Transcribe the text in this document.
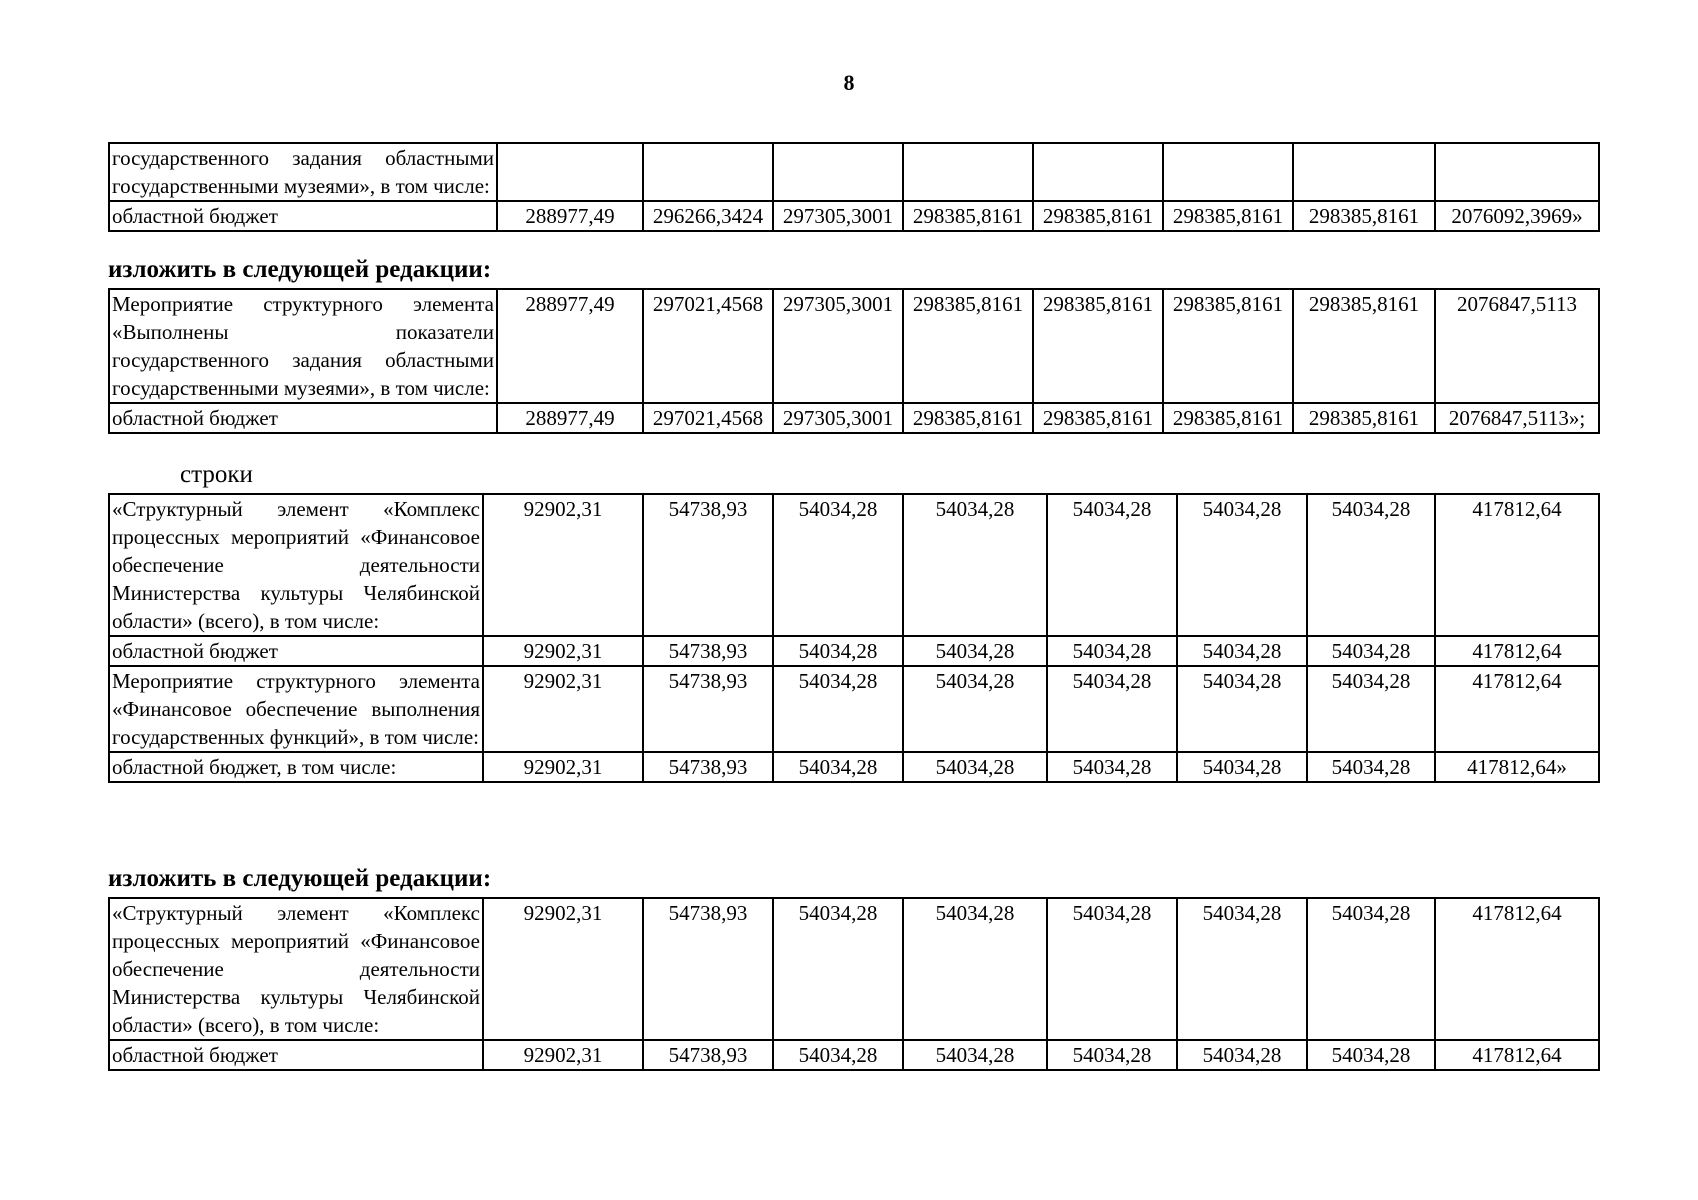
8
государственного задания областными государственными музеями», в том числе:								
областной бюджет	288977,49	296266,3424	297305,3001	298385,8161	298385,8161	298385,8161	298385,8161	2076092,3969»
изложить в следующей редакции:
Мероприятие структурного элемента «Выполнены показатели государственного задания областными государственными музеями», в том числе:	288977,49	297021,4568	297305,3001	298385,8161	298385,8161	298385,8161	298385,8161	2076847,5113
областной бюджет	288977,49	297021,4568	297305,3001	298385,8161	298385,8161	298385,8161	298385,8161	2076847,5113»;
строки
«Структурный элемент «Комплекс процессных мероприятий «Финансовое обеспечение деятельности Министерства культуры Челябинской области» (всего), в том числе:	92902,31	54738,93	54034,28	54034,28	54034,28	54034,28	54034,28	417812,64
областной бюджет	92902,31	54738,93	54034,28	54034,28	54034,28	54034,28	54034,28	417812,64
Мероприятие структурного элемента «Финансовое обеспечение выполнения государственных функций», в том числе:	92902,31	54738,93	54034,28	54034,28	54034,28	54034,28	54034,28	417812,64
областной бюджет, в том числе:	92902,31	54738,93	54034,28	54034,28	54034,28	54034,28	54034,28	417812,64»
изложить в следующей редакции:
«Структурный элемент «Комплекс процессных мероприятий «Финансовое обеспечение деятельности Министерства культуры Челябинской области» (всего), в том числе:	92902,31	54738,93	54034,28	54034,28	54034,28	54034,28	54034,28	417812,64
областной бюджет	92902,31	54738,93	54034,28	54034,28	54034,28	54034,28	54034,28	417812,64
